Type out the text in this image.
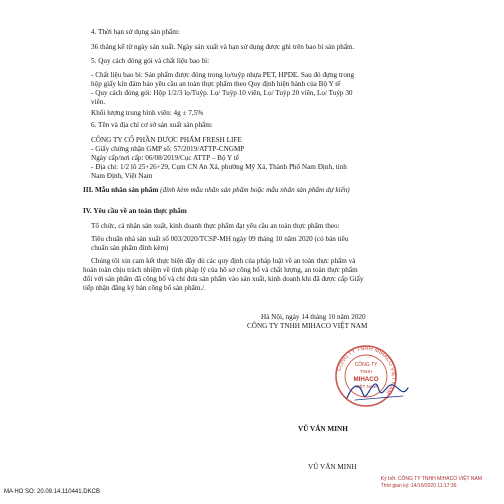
4. Thời hạn sử dụng sản phẩm:
36 tháng kể từ ngày sản xuất. Ngày sản xuất và hạn sử dụng được ghi trên bao bì sản phẩm.
5. Quy cách đóng gói và chất liệu bao bì:
- Chất liệu bao bì: Sản phẩm được đóng trong lọ/tuýp nhựa PET, HPDE. Sau đó đựng trong
hộp giấy kín đảm bảo yêu cầu an toàn thực phẩm theo Quy định hiện hành của Bộ Y tế
- Quy cách đóng gói: Hộp 1/2/3 lọ/Tuýp. Lọ/ Tuýp 10 viên, Lọ/ Tuýp 20 viên, Lọ/ Tuýp 30
viên.
Khối lượng trung bình viên: 4g ± 7,5%
6. Tên và địa chỉ cơ sở sản xuất sản phẩm:
CÔNG TY CỔ PHẦN DƯỢC PHẨM FRESH LIFE
- Giấy chứng nhận GMP số: 57/2019/ATTP-CNGMP
Ngày cấp/nơi cấp: 06/08/2019/Cục ATTP – Bộ Y tế
- Địa chỉ: 1/2 lô 25+26+29, Cụm CN An Xá, phường Mỹ Xá, Thành Phố Nam Định, tỉnh
Nam Định, Việt Nam
III. Mẫu nhãn sản phẩm (đính kèm mẫu nhãn sản phẩm hoặc mẫu nhãn sản phẩm dự kiến)
IV. Yêu cầu về an toàn thực phẩm
Tổ chức, cá nhân sản xuất, kinh doanh thực phẩm đạt yêu cầu an toàn thực phẩm theo:
Tiêu chuẩn nhà sản xuất số 003/2020/TCSP-MH ngày 09 tháng 10 năm 2020 (có bản tiêu
chuẩn sản phẩm đính kèm)
Chúng tôi xin cam kết thực hiện đầy đủ các quy định của pháp luật về an toàn thực phẩm và
hoàn toàn chịu trách nhiệm về tính pháp lý của hồ sơ công bố và chất lượng, an toàn thực phẩm
đối với sản phẩm đã công bố và chỉ đưa sản phẩm vào sản xuất, kinh doanh khi đã được cấp Giấy
tiếp nhận đăng ký bản công bố sản phẩm./.
Hà Nội, ngày 14 tháng 10 năm 2020
CÔNG TY TNHH MIHACO VIỆT NAM
CÔNG TY TNHH MIHACO VIỆT NAM
CÔNG TY
TNHH
MIHACO
VIỆT NAM
VŨ VĂN MINH
VŨ VĂN MINH
Ký bởi: CÔNG TY TNHH MIHACO VIỆT NAM
Thời gian ký: 14/10/2020 11:17:36
MA HO SO: 20.09.14.110441.DKCB
